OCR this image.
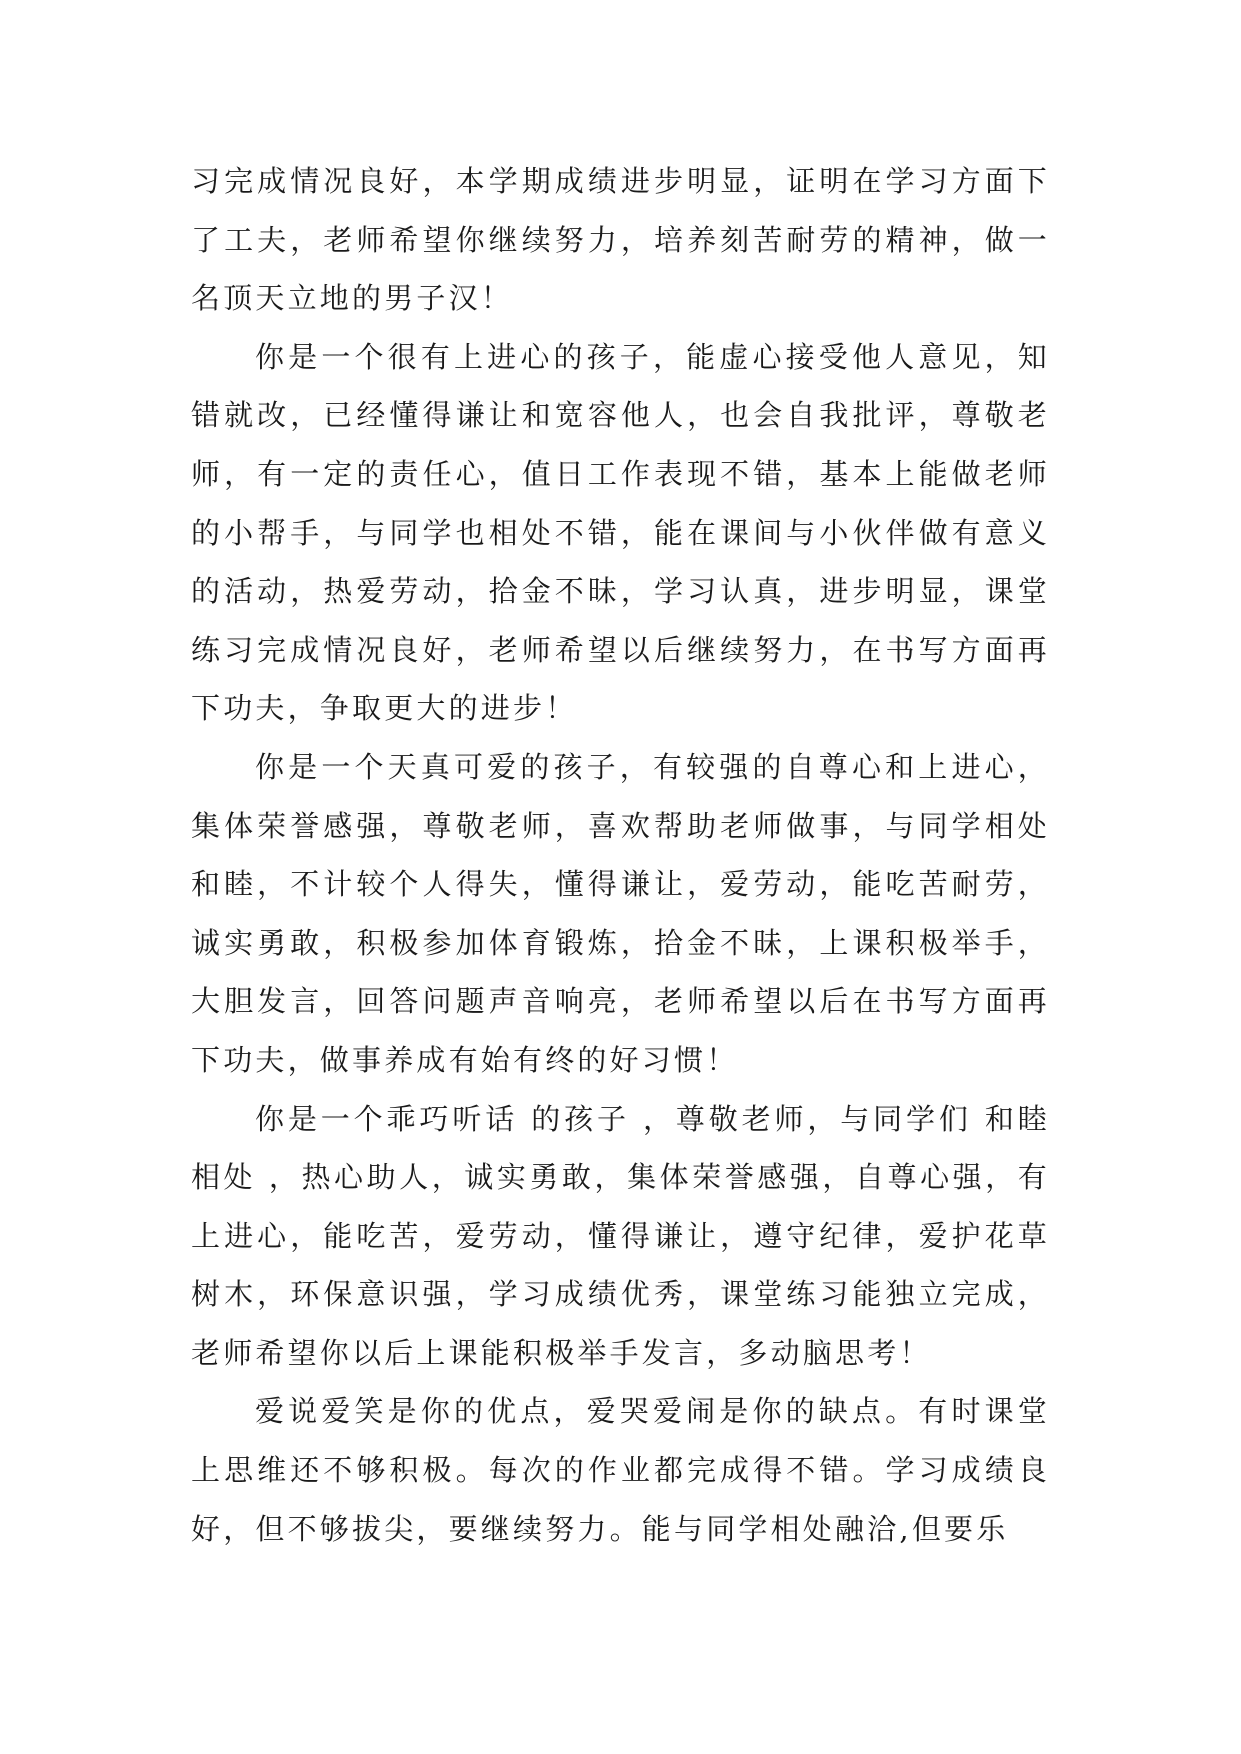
习完成情况良好，本学期成绩进步明显，证明在学习方面下了工夫，老师希望你继续努力，培养刻苦耐劳的精神，做一名顶天立地的男子汉！

你是一个很有上进心的孩子，能虚心接受他人意见，知错就改，已经懂得谦让和宽容他人，也会自我批评，尊敬老师，有一定的责任心，值日工作表现不错，基本上能做老师的小帮手，与同学也相处不错，能在课间与小伙伴做有意义的活动，热爱劳动，拾金不昧，学习认真，进步明显，课堂练习完成情况良好，老师希望以后继续努力，在书写方面再下功夫，争取更大的进步！

你是一个天真可爱的孩子，有较强的自尊心和上进心，集体荣誉感强，尊敬老师，喜欢帮助老师做事，与同学相处和睦，不计较个人得失，懂得谦让，爱劳动，能吃苦耐劳，诚实勇敢，积极参加体育锻炼，拾金不昧，上课积极举手，大胆发言，回答问题声音响亮，老师希望以后在书写方面再下功夫，做事养成有始有终的好习惯！

你是一个乖巧听话 的孩子 ，尊敬老师，与同学们 和睦相处 ，热心助人，诚实勇敢，集体荣誉感强，自尊心强，有上进心，能吃苦，爱劳动，懂得谦让，遵守纪律，爱护花草树木，环保意识强，学习成绩优秀，课堂练习能独立完成，老师希望你以后上课能积极举手发言，多动脑思考！

爱说爱笑是你的优点，爱哭爱闹是你的缺点。有时课堂上思维还不够积极。每次的作业都完成得不错。学习成绩良好，但不够拔尖，要继续努力。能与同学相处融洽,但要乐
